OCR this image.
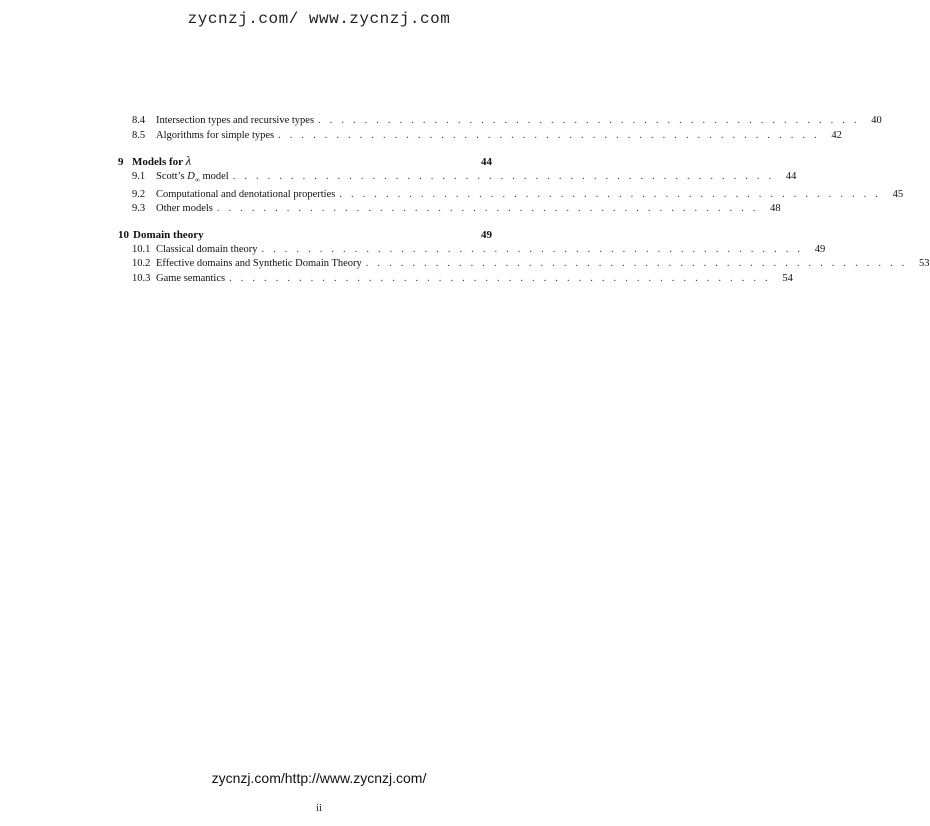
zycnzj.com/ www.zycnzj.com
8.4	Intersection types and recursive types . . . . . . . . . . . . . . . . . . . . . . . . . . . . . . . . . . . . . . . . . . . . . . .	40
8.5	Algorithms for simple types . . . . . . . . . . . . . . . . . . . . . . . . . . . . . . . . . . . . . . . . . . . . . . .	42
9 Models for λ	44
9.1	Scott’s $D_\infty$ model . . . . . . . . . . . . . . . . . . . . . . . . . . . . . . . . . . . . . . . . . . . . . . .	44
9.2	Computational and denotational properties . . . . . . . . . . . . . . . . . . . . . . . . . . . . . . . . . . . . . . . . . . . . . . .	45
9.3	Other models . . . . . . . . . . . . . . . . . . . . . . . . . . . . . . . . . . . . . . . . . . . . . . .	48
10 Domain theory	49
10.1 Classical domain theory . . . . . . . . . . . . . . . . . . . . . . . . . . . . . . . . . . . . . . . . . . . . . . .	49
10.2 Effective domains and Synthetic Domain Theory . . . . . . . . . . . . . . . . . . . . . . . . . . . . . . . . . . . . . . . . . . . . . . .	53
10.3 Game semantics . . . . . . . . . . . . . . . . . . . . . . . . . . . . . . . . . . . . . . . . . . . . . . .	54
zycnzj.com/http://www.zycnzj.com/
ii
